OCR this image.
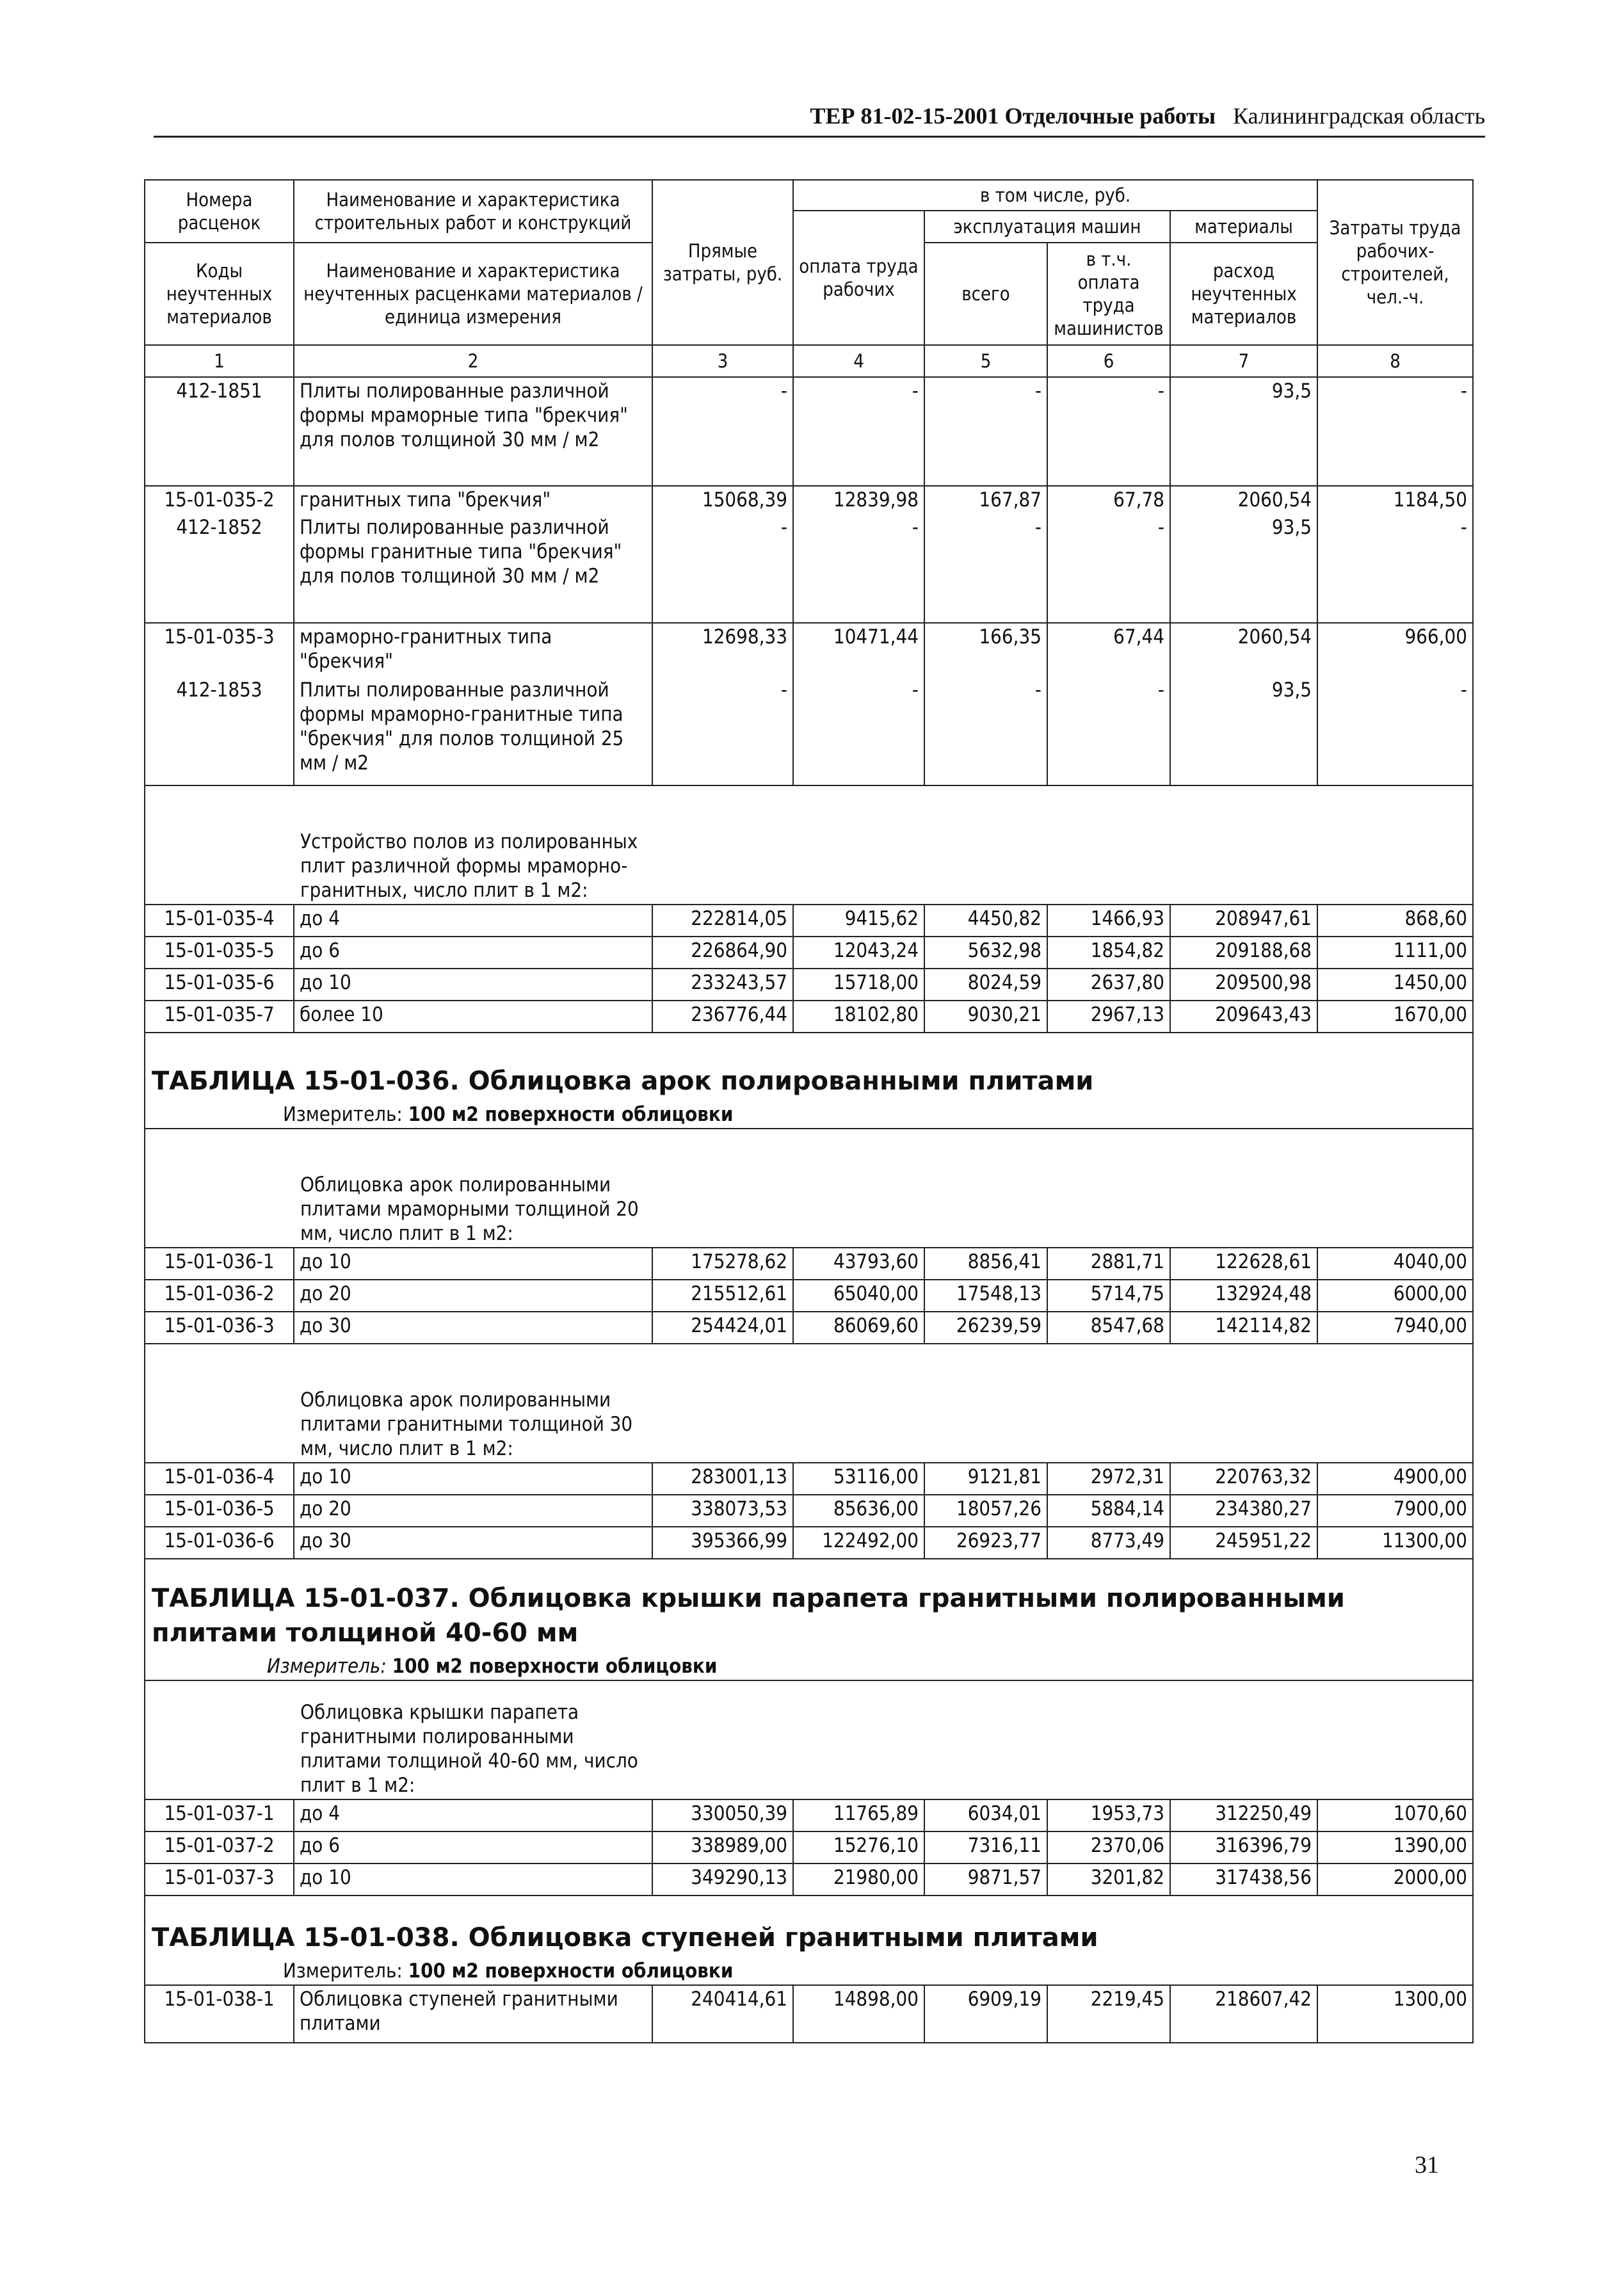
ТЕР 81-02-15-2001 Отделочные работы Калининградская область
Номера расценок	Наименование и характеристика строительных работ и конструкций	Прямые затраты, руб.	в том числе, руб.				Затраты труда рабочих-строителей, чел.-ч.
			оплата труда рабочих	эксплуатация машин		материалы	
Коды неучтенных материалов	Наименование и характеристика неучтенных расценками материалов / единица измерения			всего	в т.ч. оплата труда машинистов	расход неучтенных материалов	

1	2	3	4	5	6	7	8
412-1851	Плиты полированные различной формы мраморные типа "брекчия" для полов толщиной 30 мм / м2	-	-	-	-	93,5	-
15-01-035-2	гранитных типа "брекчия"	15068,39	12839,98	167,87	67,78	2060,54	1184,50
412-1852	Плиты полированные различной формы гранитные типа "брекчия" для полов толщиной 30 мм / м2	-	-	-	-	93,5	-
15-01-035-3	мраморно-гранитных типа "брекчия"	12698,33	10471,44	166,35	67,44	2060,54	966,00
412-1853	Плиты полированные различной формы мраморно-гранитные типа "брекчия" для полов толщиной 25 мм / м2	-	-	-	-	93,5	-

	Устройство полов из полированных плит различной формы мраморно-гранитных, число плит в 1 м2:						

15-01-035-4	до 4	222814,05	9415,62	4450,82	1466,93	208947,61	868,60
15-01-035-5	до 6	226864,90	12043,24	5632,98	1854,82	209188,68	1111,00
15-01-035-6	до 10	233243,57	15718,00	8024,59	2637,80	209500,98	1450,00
15-01-035-7	более 10	236776,44	18102,80	9030,21	2967,13	209643,43	1670,00

ТАБЛИЦА 15-01-036. Облицовка арок полированными плитами
Измеритель: 100 м2 поверхности облицовки							

	Облицовка арок полированными плитами мраморными толщиной 20 мм, число плит в 1 м2:						

15-01-036-1	до 10	175278,62	43793,60	8856,41	2881,71	122628,61	4040,00
15-01-036-2	до 20	215512,61	65040,00	17548,13	5714,75	132924,48	6000,00
15-01-036-3	до 30	254424,01	86069,60	26239,59	8547,68	142114,82	7940,00

	Облицовка арок полированными плитами гранитными толщиной 30 мм, число плит в 1 м2:						

15-01-036-4	до 10	283001,13	53116,00	9121,81	2972,31	220763,32	4900,00
15-01-036-5	до 20	338073,53	85636,00	18057,26	5884,14	234380,27	7900,00
15-01-036-6	до 30	395366,99	122492,00	26923,77	8773,49	245951,22	11300,00

ТАБЛИЦА 15-01-037. Облицовка крышки парапета гранитными полированными плитами толщиной 40-60 мм
Измеритель: 100 м2 поверхности облицовки							

	Облицовка крышки парапета гранитными полированными плитами толщиной 40-60 мм, число плит в 1 м2:						

15-01-037-1	до 4	330050,39	11765,89	6034,01	1953,73	312250,49	1070,60
15-01-037-2	до 6	338989,00	15276,10	7316,11	2370,06	316396,79	1390,00
15-01-037-3	до 10	349290,13	21980,00	9871,57	3201,82	317438,56	2000,00

ТАБЛИЦА 15-01-038. Облицовка ступеней гранитными плитами
Измеритель: 100 м2 поверхности облицовки							

15-01-038-1	Облицовка ступеней гранитными плитами	240414,61	14898,00	6909,19	2219,45	218607,42	1300,00
31
